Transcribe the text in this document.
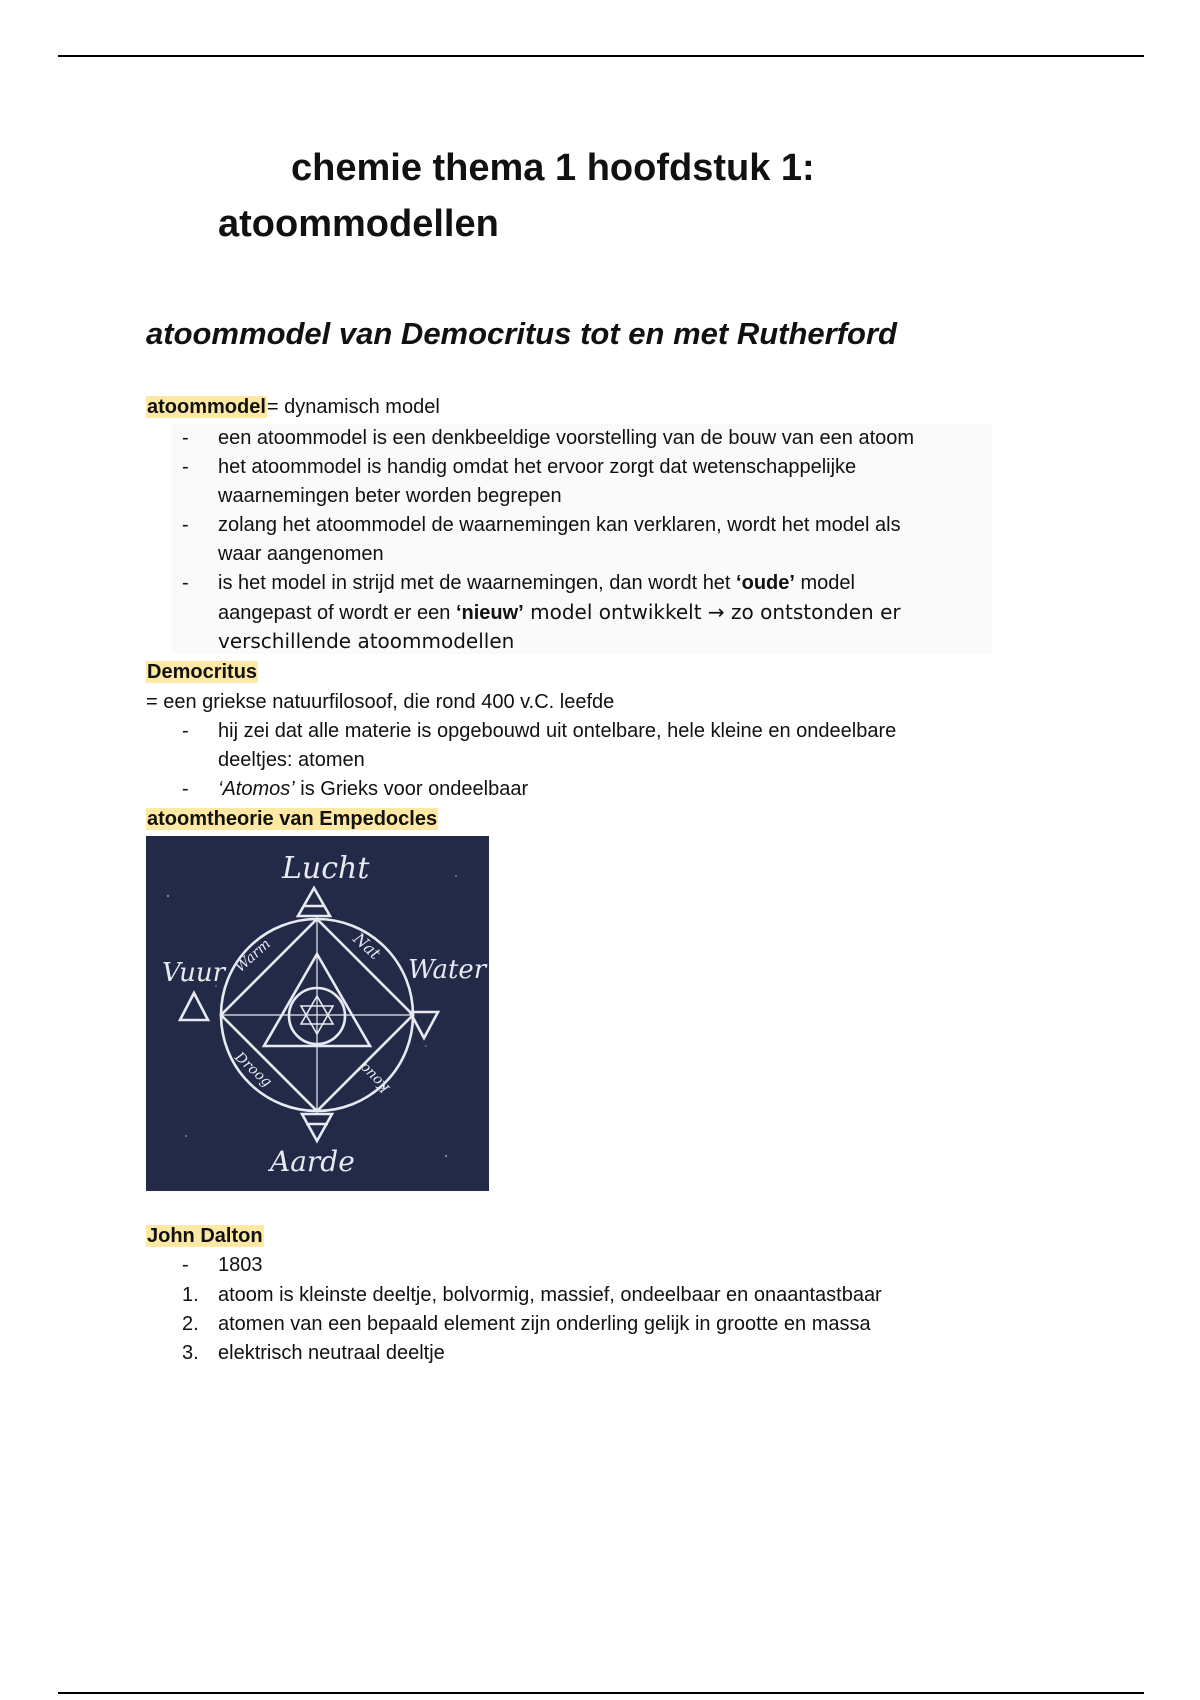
chemie thema 1 hoofdstuk 1:
atoommodellen
atoommodel van Democritus tot en met Rutherford
atoommodel= dynamisch model
- een atoommodel is een denkbeeldige voorstelling van de bouw van een atoom
- het atoommodel is handig omdat het ervoor zorgt dat wetenschappelijke
waarnemingen beter worden begrepen
- zolang het atoommodel de waarnemingen kan verklaren, wordt het model als
waar aangenomen
- is het model in strijd met de waarnemingen, dan wordt het ‘oude’ model
aangepast of wordt er een ‘nieuw’ model ontwikkelt → zo ontstonden er
verschillende atoommodellen
Democritus
= een griekse natuurfilosoof, die rond 400 v.C. leefde
- hij zei dat alle materie is opgebouwd uit ontelbare, hele kleine en ondeelbare
deeltjes: atomen
- ‘Atomos’ is Grieks voor ondeelbaar
atoomtheorie van Empedocles
Lucht
Vuur	Water
Aarde
Warm	Nat
Droog	Koud
John Dalton
- 1803
1. atoom is kleinste deeltje, bolvormig, massief, ondeelbaar en onaantastbaar
2. atomen van een bepaald element zijn onderling gelijk in grootte en massa
3. elektrisch neutraal deeltje
